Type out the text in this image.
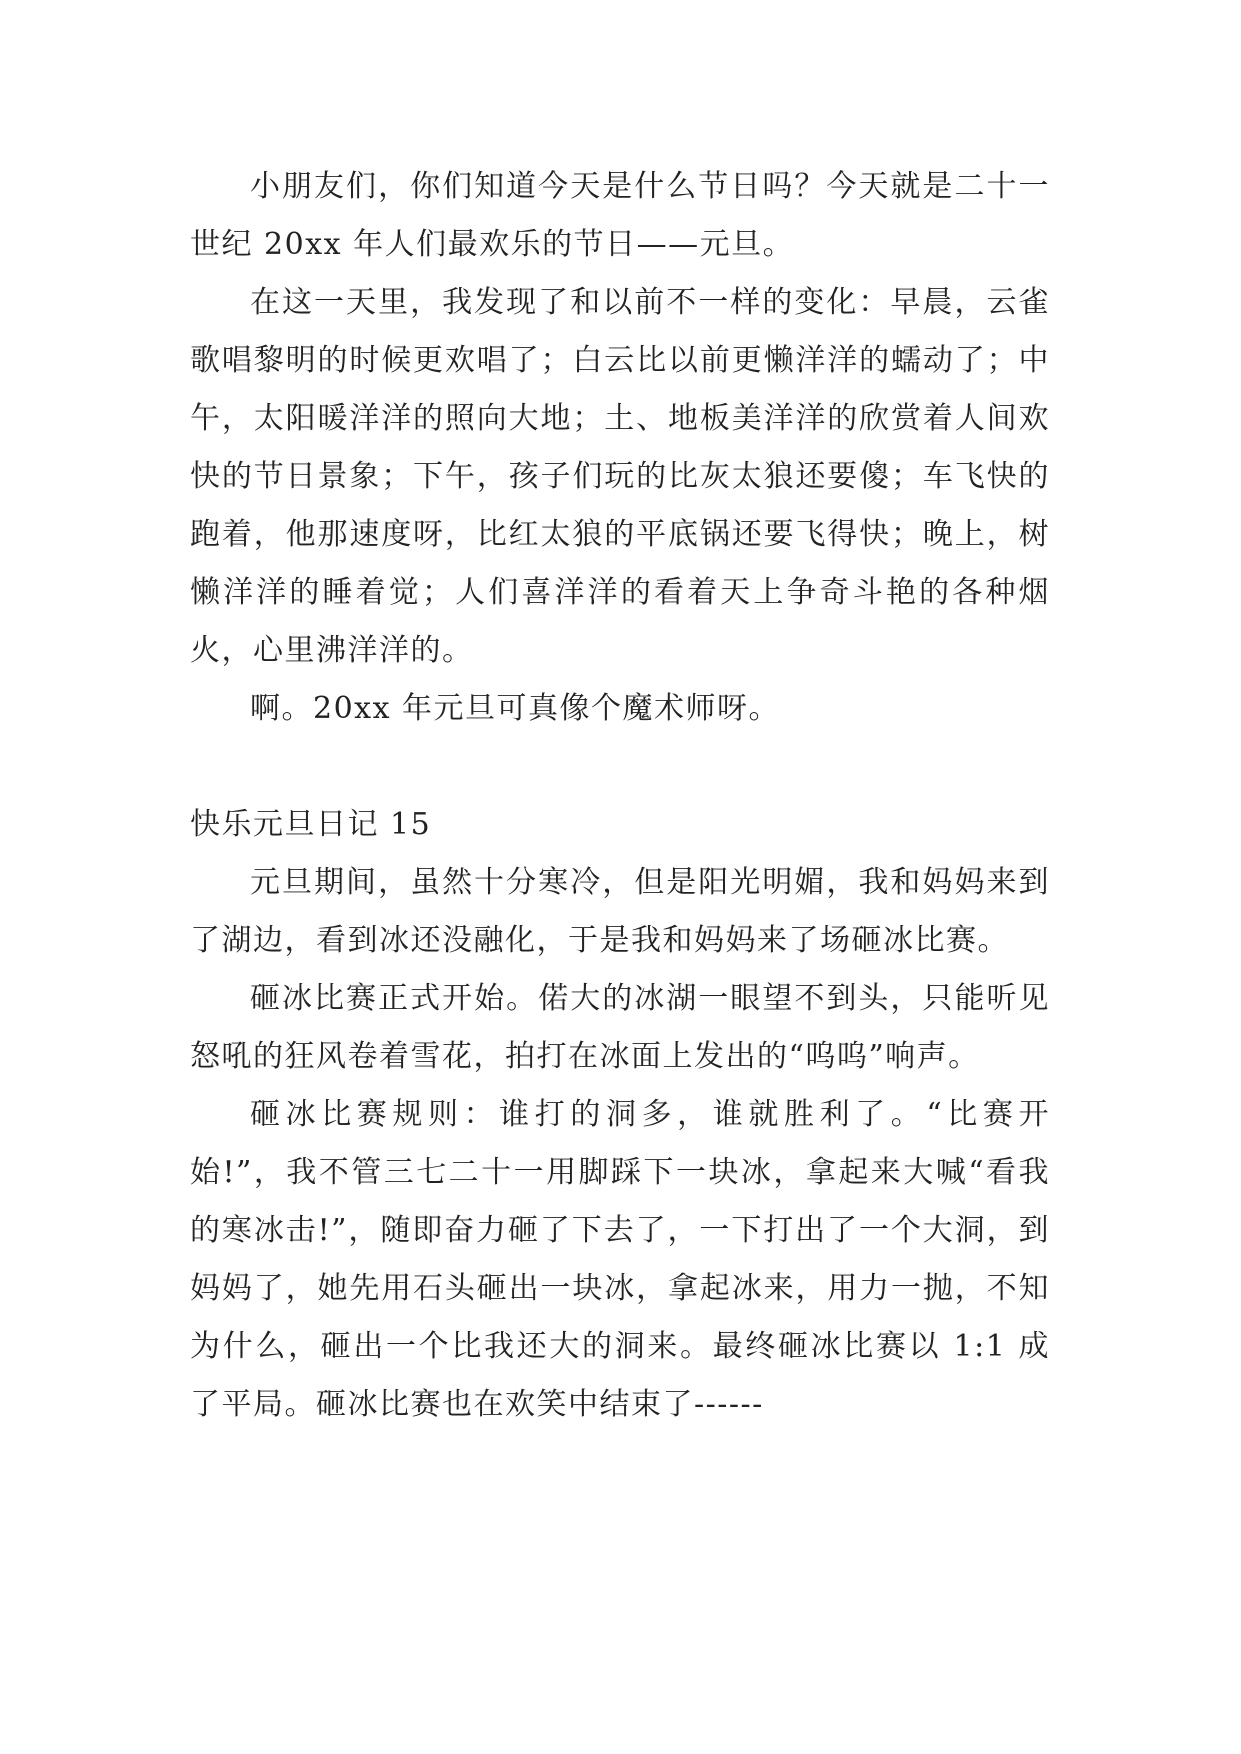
小朋友们，你们知道今天是什么节日吗？今天就是二十一世纪 20xx 年人们最欢乐的节日——元旦。

在这一天里，我发现了和以前不一样的变化：早晨，云雀歌唱黎明的时候更欢唱了；白云比以前更懒洋洋的蠕动了；中午，太阳暖洋洋的照向大地；土、地板美洋洋的欣赏着人间欢快的节日景象；下午，孩子们玩的比灰太狼还要傻；车飞快的跑着，他那速度呀，比红太狼的平底锅还要飞得快；晚上，树懒洋洋的睡着觉；人们喜洋洋的看着天上争奇斗艳的各种烟火，心里沸洋洋的。

啊。20xx 年元旦可真像个魔术师呀。

快乐元旦日记 15

元旦期间，虽然十分寒冷，但是阳光明媚，我和妈妈来到了湖边，看到冰还没融化，于是我和妈妈来了场砸冰比赛。

砸冰比赛正式开始。偌大的冰湖一眼望不到头，只能听见怒吼的狂风卷着雪花，拍打在冰面上发出的“呜呜”响声。

砸冰比赛规则：谁打的洞多，谁就胜利了。“比赛开始!”，我不管三七二十一用脚踩下一块冰，拿起来大喊“看我的寒冰击!”，随即奋力砸了下去了，一下打出了一个大洞，到妈妈了，她先用石头砸出一块冰，拿起冰来，用力一抛，不知为什么，砸出一个比我还大的洞来。最终砸冰比赛以 1:1 成了平局。砸冰比赛也在欢笑中结束了------
